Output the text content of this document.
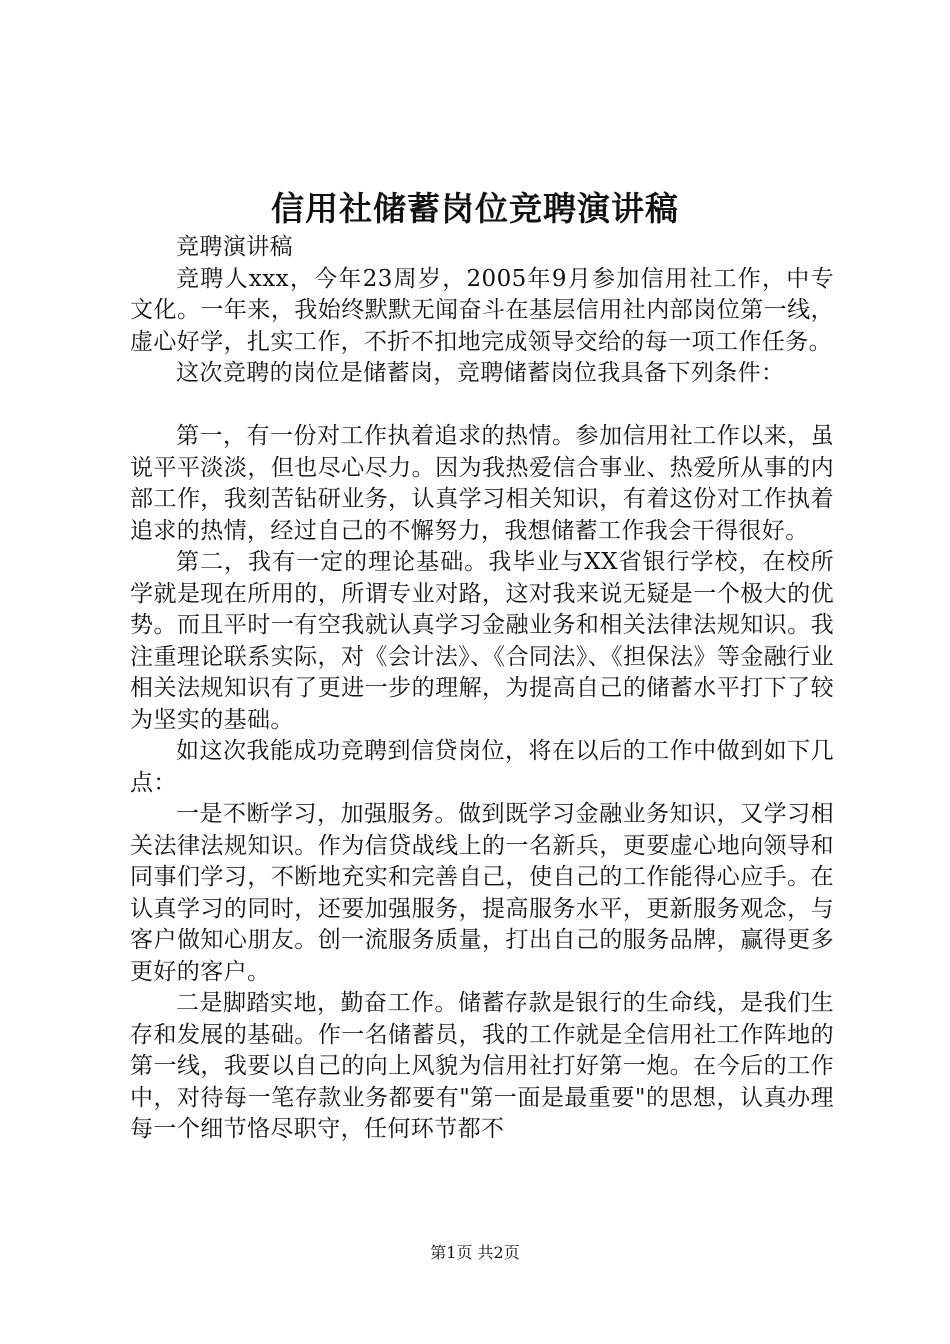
信用社储蓄岗位竞聘演讲稿

竞聘演讲稿

竞聘人xxx，今年23周岁，2005年9月参加信用社工作，中专文化。一年来，我始终默默无闻奋斗在基层信用社内部岗位第一线，虚心好学，扎实工作，不折不扣地完成领导交给的每一项工作任务。

这次竞聘的岗位是储蓄岗，竞聘储蓄岗位我具备下列条件：

第一，有一份对工作执着追求的热情。参加信用社工作以来，虽说平平淡淡，但也尽心尽力。因为我热爱信合事业、热爱所从事的内部工作，我刻苦钻研业务，认真学习相关知识，有着这份对工作执着追求的热情，经过自己的不懈努力，我想储蓄工作我会干得很好。

第二，我有一定的理论基础。我毕业与XX省银行学校，在校所学就是现在所用的，所谓专业对路，这对我来说无疑是一个极大的优势。而且平时一有空我就认真学习金融业务和相关法律法规知识。我注重理论联系实际，对《会计法》、《合同法》、《担保法》等金融行业相关法规知识有了更进一步的理解，为提高自己的储蓄水平打下了较为坚实的基础。

如这次我能成功竞聘到信贷岗位，将在以后的工作中做到如下几点：

一是不断学习，加强服务。做到既学习金融业务知识，又学习相关法律法规知识。作为信贷战线上的一名新兵，更要虚心地向领导和同事们学习，不断地充实和完善自己，使自己的工作能得心应手。在认真学习的同时，还要加强服务，提高服务水平，更新服务观念，与客户做知心朋友。创一流服务质量，打出自己的服务品牌，赢得更多更好的客户。

二是脚踏实地，勤奋工作。储蓄存款是银行的生命线，是我们生存和发展的基础。作一名储蓄员，我的工作就是全信用社工作阵地的第一线，我要以自己的向上风貌为信用社打好第一炮。在今后的工作中，对待每一笔存款业务都要有"第一面是最重要"的思想，认真办理每一个细节恪尽职守，任何环节都不

第1页 共2页
